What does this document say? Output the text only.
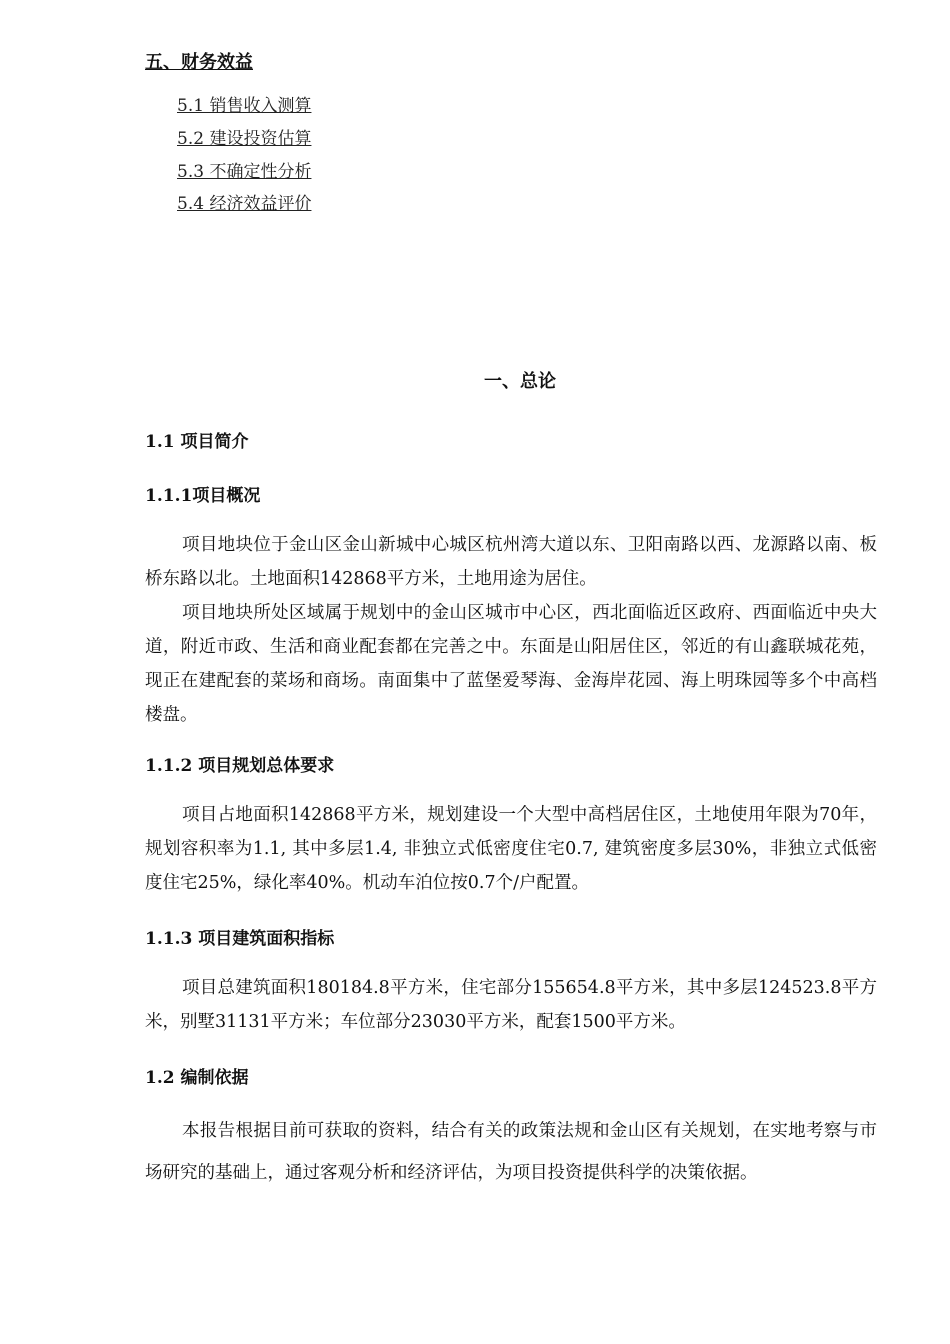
五、财务效益
5.1 销售收入测算
5.2 建设投资估算
5.3 不确定性分析
5.4 经济效益评价
一、总论
1.1 项目简介
1.1.1项目概况
项目地块位于金山区金山新城中心城区杭州湾大道以东、卫阳南路以西、龙源路以南、板桥东路以北。土地面积142868平方米，土地用途为居住。
项目地块所处区域属于规划中的金山区城市中心区，西北面临近区政府、西面临近中央大道，附近市政、生活和商业配套都在完善之中。东面是山阳居住区，邻近的有山鑫联城花苑，现正在建配套的菜场和商场。南面集中了蓝堡爱琴海、金海岸花园、海上明珠园等多个中高档楼盘。
1.1.2 项目规划总体要求
项目占地面积142868平方米，规划建设一个大型中高档居住区，土地使用年限为70年，规划容积率为1.1, 其中多层1.4, 非独立式低密度住宅0.7, 建筑密度多层30%，非独立式低密度住宅25%，绿化率40%。机动车泊位按0.7个/户配置。
1.1.3 项目建筑面积指标
项目总建筑面积180184.8平方米，住宅部分155654.8平方米，其中多层124523.8平方米，别墅31131平方米；车位部分23030平方米，配套1500平方米。
1.2 编制依据
本报告根据目前可获取的资料，结合有关的政策法规和金山区有关规划，在实地考察与市场研究的基础上，通过客观分析和经济评估，为项目投资提供科学的决策依据。
